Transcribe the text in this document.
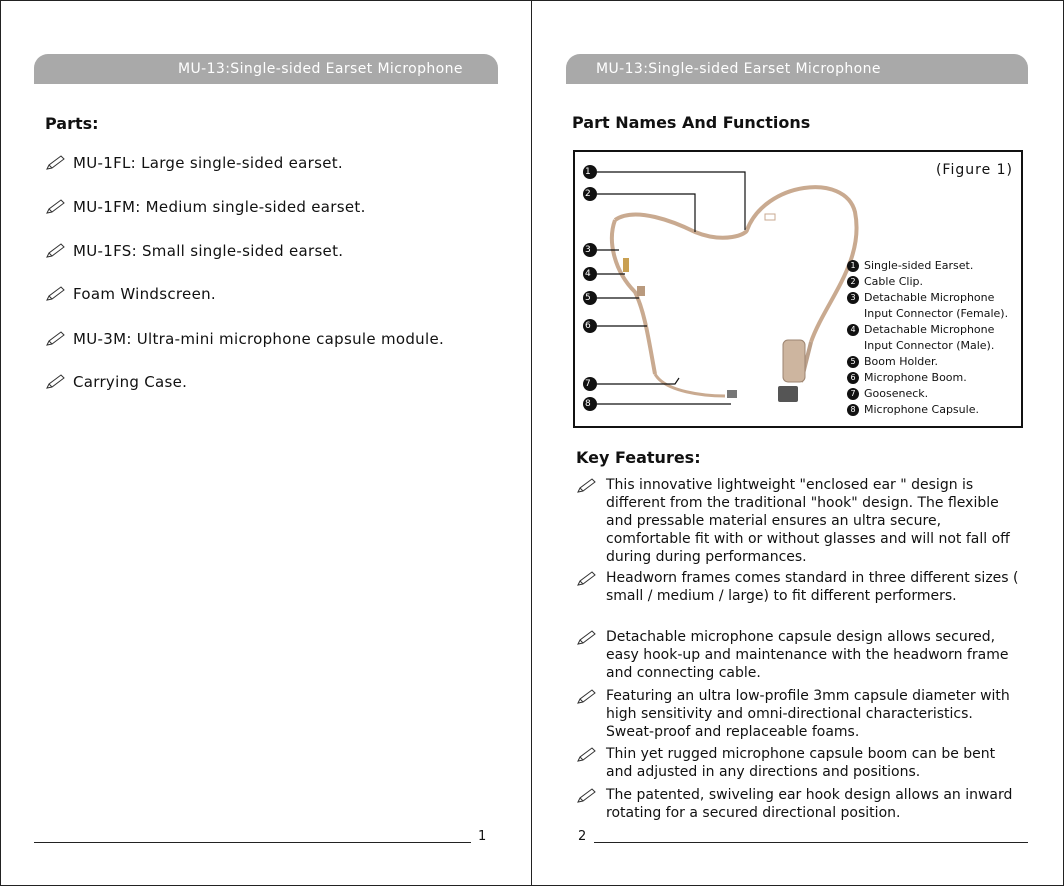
MU-13:Single-sided Earset Microphone
Parts:
MU-1FL: Large single-sided earset.
MU-1FM: Medium single-sided earset.
MU-1FS: Small single-sided earset.
Foam Windscreen.
MU-3M: Ultra-mini microphone capsule module.
Carrying Case.
1
MU-13:Single-sided Earset Microphone
Part Names And Functions
1
2
3
4
5
6
7
8
(Figure 1)
1 Single-sided Earset.
2 Cable Clip.
3 Detachable Microphone
Input Connector (Female).
4 Detachable Microphone
Input Connector (Male).
5 Boom Holder.
6 Microphone Boom.
7 Gooseneck.
8 Microphone Capsule.
Key Features:
This innovative lightweight "enclosed ear " design is different from the traditional "hook" design. The flexible and pressable material ensures an ultra secure, comfortable fit with or without glasses and will not fall off during during performances.
Headworn frames comes standard in three different sizes ( small / medium / large) to fit different performers.
Detachable microphone capsule design allows secured, easy hook-up and maintenance with the headworn frame and connecting cable.
Featuring an ultra low-profile 3mm capsule diameter with high sensitivity and omni-directional characteristics. Sweat-proof and replaceable foams.
Thin yet rugged microphone capsule boom can be bent and adjusted in any directions and positions.
The patented, swiveling ear hook design allows an inward rotating for a secured directional position.
2
